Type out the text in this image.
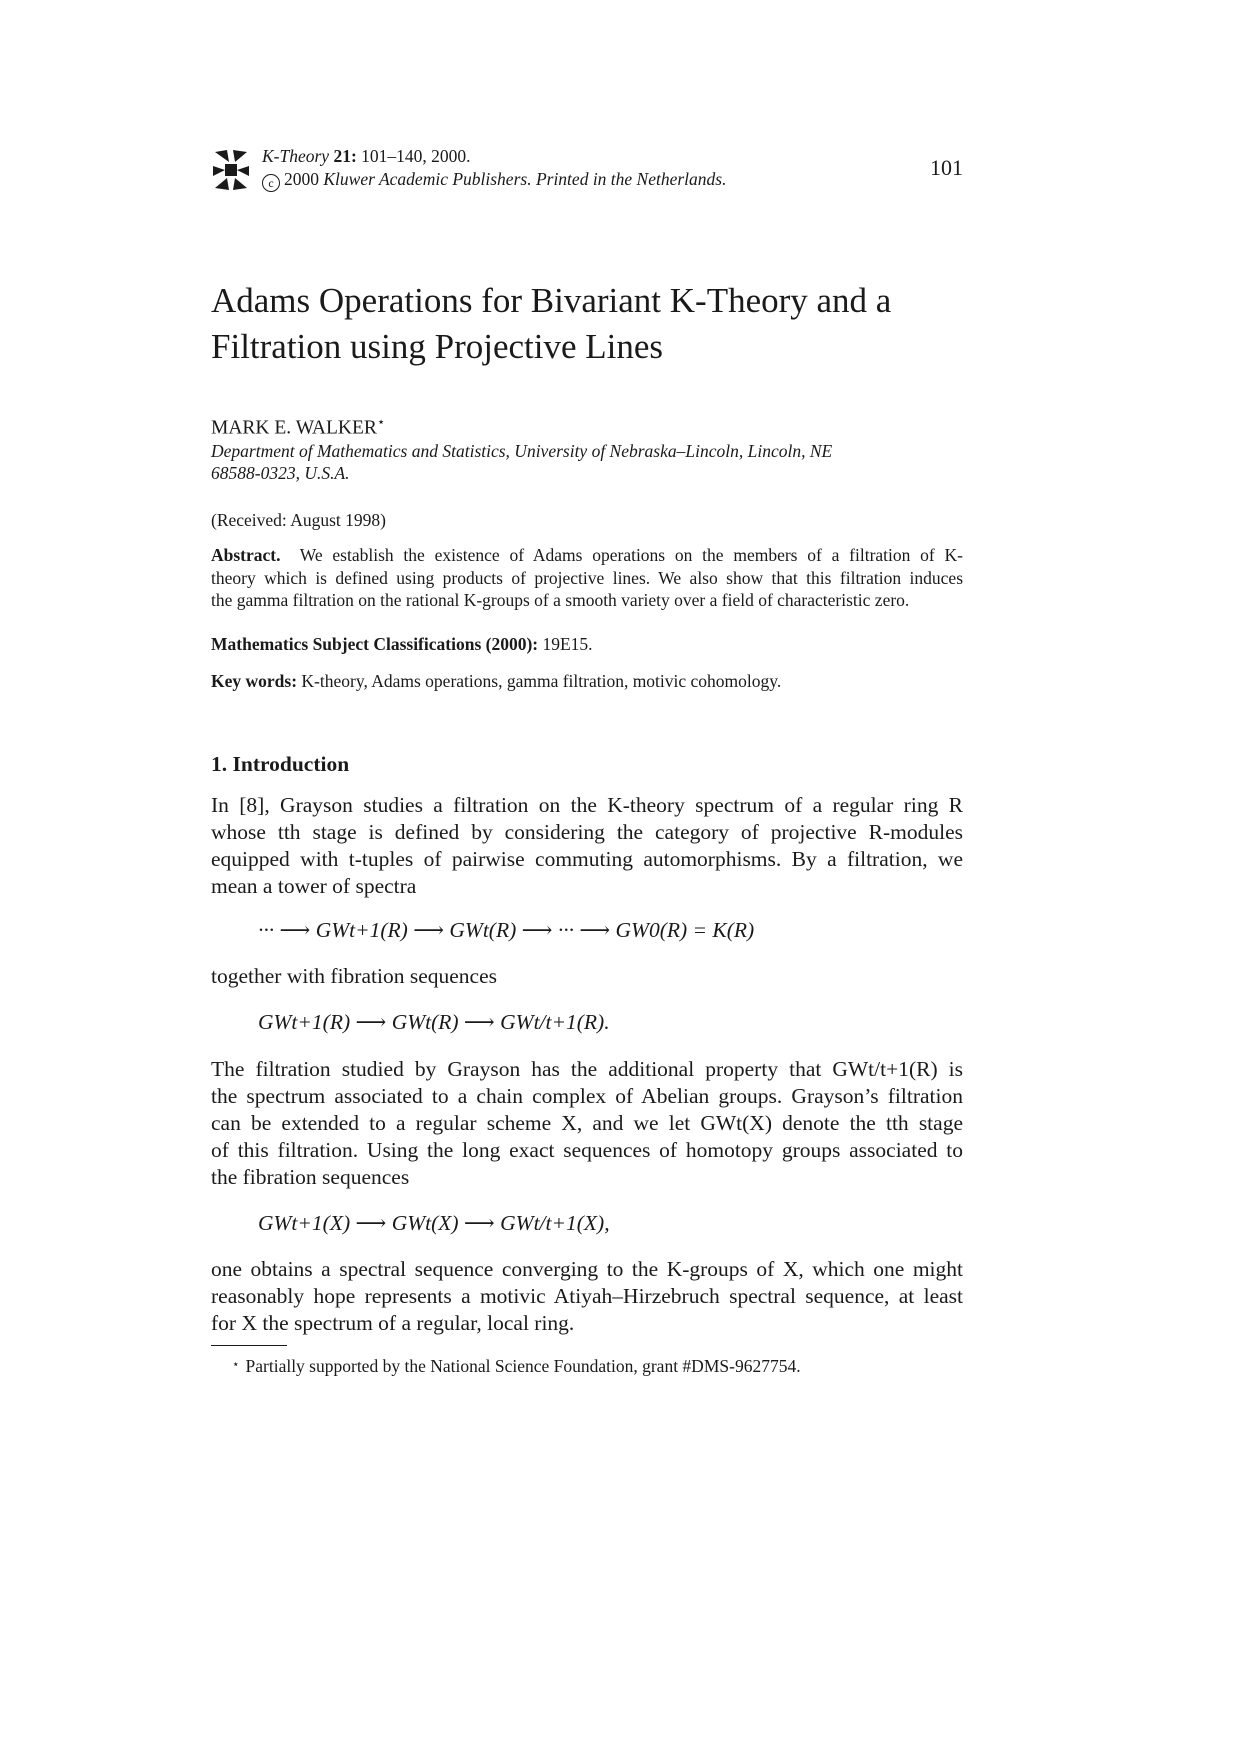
K-Theory 21: 101–140, 2000.
c 2000 Kluwer Academic Publishers. Printed in the Netherlands.	101
Adams Operations for Bivariant K-Theory and a
Filtration using Projective Lines
MARK E. WALKER⋆
Department of Mathematics and Statistics, University of Nebraska–Lincoln, Lincoln, NE
68588-0323, U.S.A.
(Received: August 1998)
Abstract. We establish the existence of Adams operations on the members of a filtration of K-
theory which is defined using products of projective lines. We also show that this filtration induces
the gamma filtration on the rational K-groups of a smooth variety over a field of characteristic zero.
Mathematics Subject Classifications (2000): 19E15.
Key words: K-theory, Adams operations, gamma filtration, motivic cohomology.
1. Introduction
In [8], Grayson studies a filtration on the K-theory spectrum of a regular ring R
whose tth stage is defined by considering the category of projective R-modules
equipped with t-tuples of pairwise commuting automorphisms. By a filtration, we
mean a tower of spectra
··· ⟶ GWt+1(R) ⟶ GWt(R) ⟶ ··· ⟶ GW0(R) = K(R)
together with fibration sequences
GWt+1(R) ⟶ GWt(R) ⟶ GWt/t+1(R).
The filtration studied by Grayson has the additional property that GWt/t+1(R) is
the spectrum associated to a chain complex of Abelian groups. Grayson’s filtration
can be extended to a regular scheme X, and we let GWt(X) denote the tth stage
of this filtration. Using the long exact sequences of homotopy groups associated to
the fibration sequences
GWt+1(X) ⟶ GWt(X) ⟶ GWt/t+1(X),
one obtains a spectral sequence converging to the K-groups of X, which one might
reasonably hope represents a motivic Atiyah–Hirzebruch spectral sequence, at least
for X the spectrum of a regular, local ring.
⋆ Partially supported by the National Science Foundation, grant #DMS-9627754.
